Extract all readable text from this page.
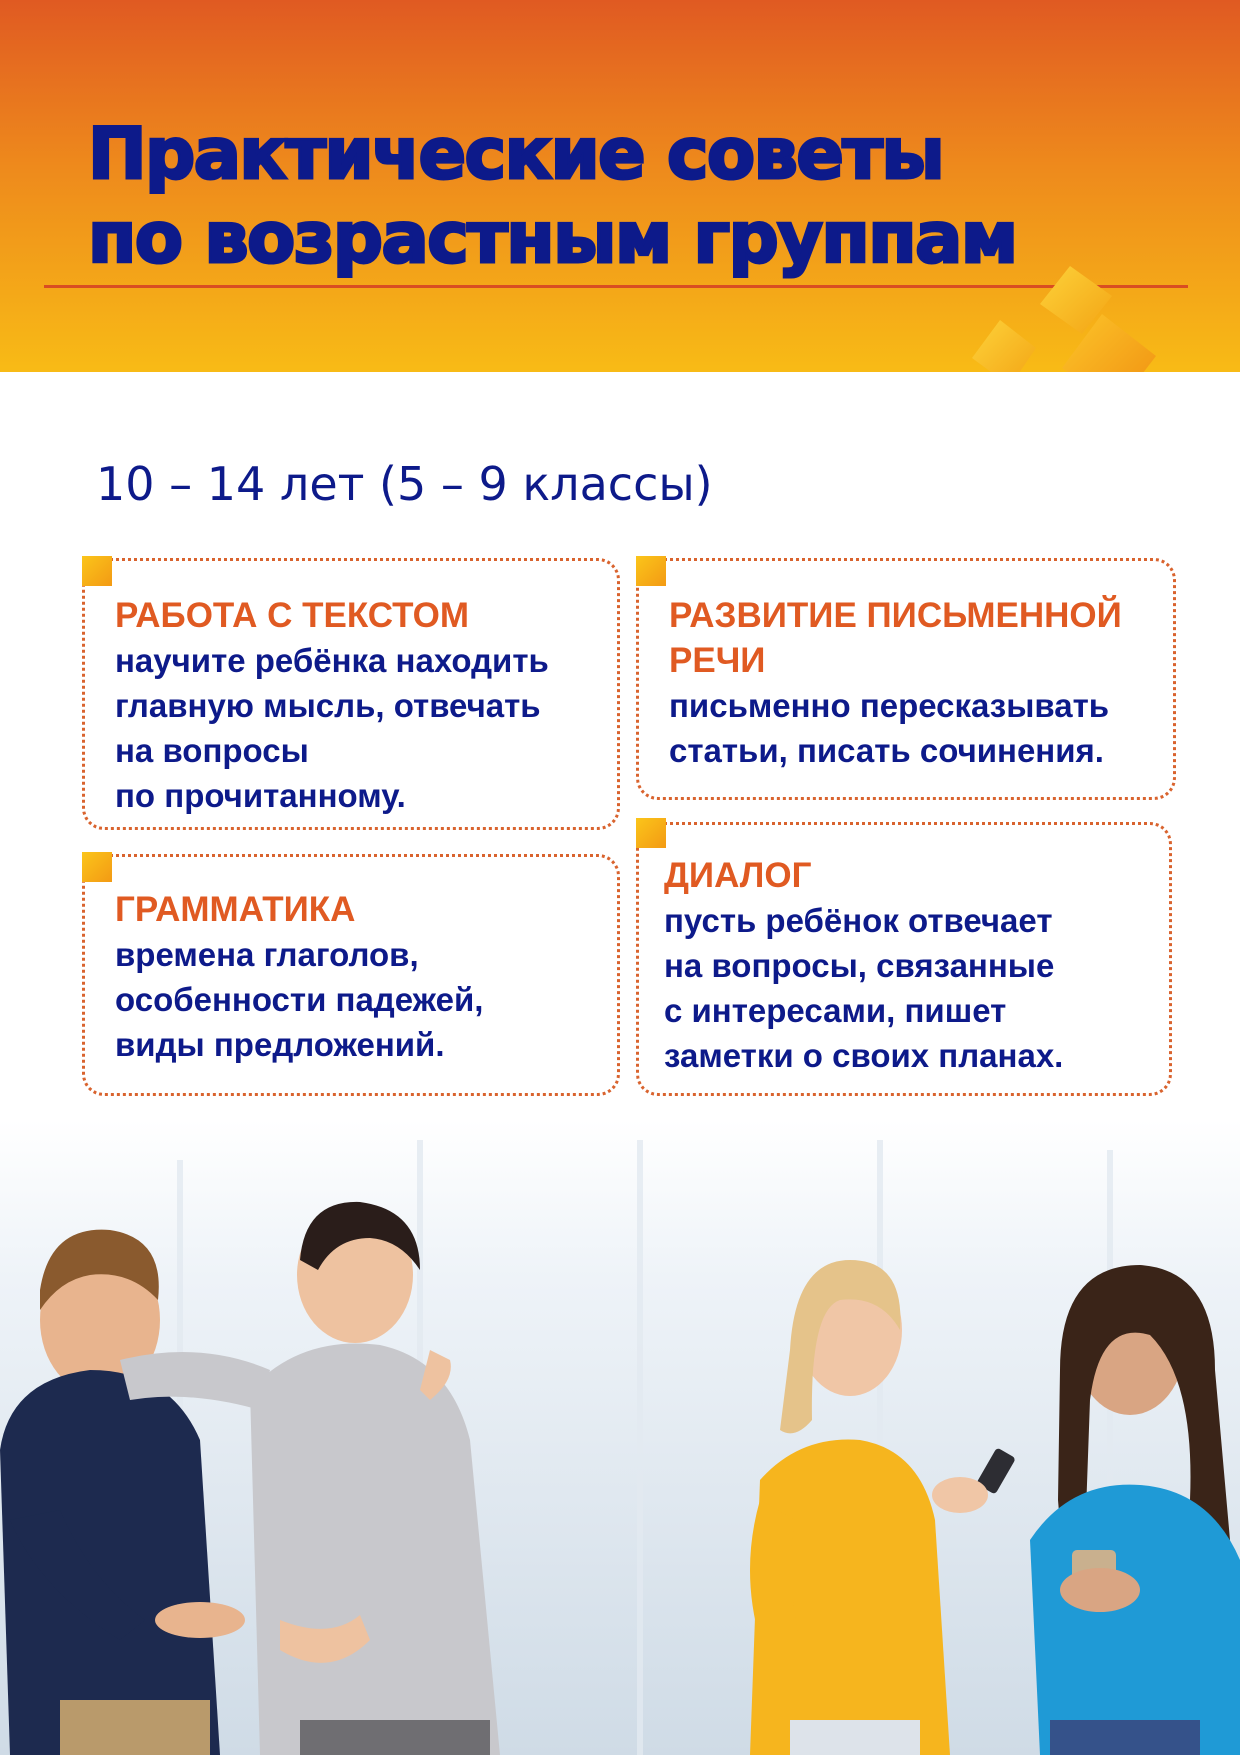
Практические советы
по возрастным группам
10 – 14 лет (5 – 9 классы)
РАБОТА С ТЕКСТОМ
научите ребёнка находить
главную мысль, отвечать
на вопросы
по прочитанному.
РАЗВИТИЕ ПИСЬМЕННОЙ РЕЧИ
письменно пересказывать
статьи, писать сочинения.
ГРАММАТИКА
времена глаголов,
особенности падежей,
виды предложений.
ДИАЛОГ
пусть ребёнок отвечает
на вопросы, связанные
с интересами, пишет
заметки о своих планах.
